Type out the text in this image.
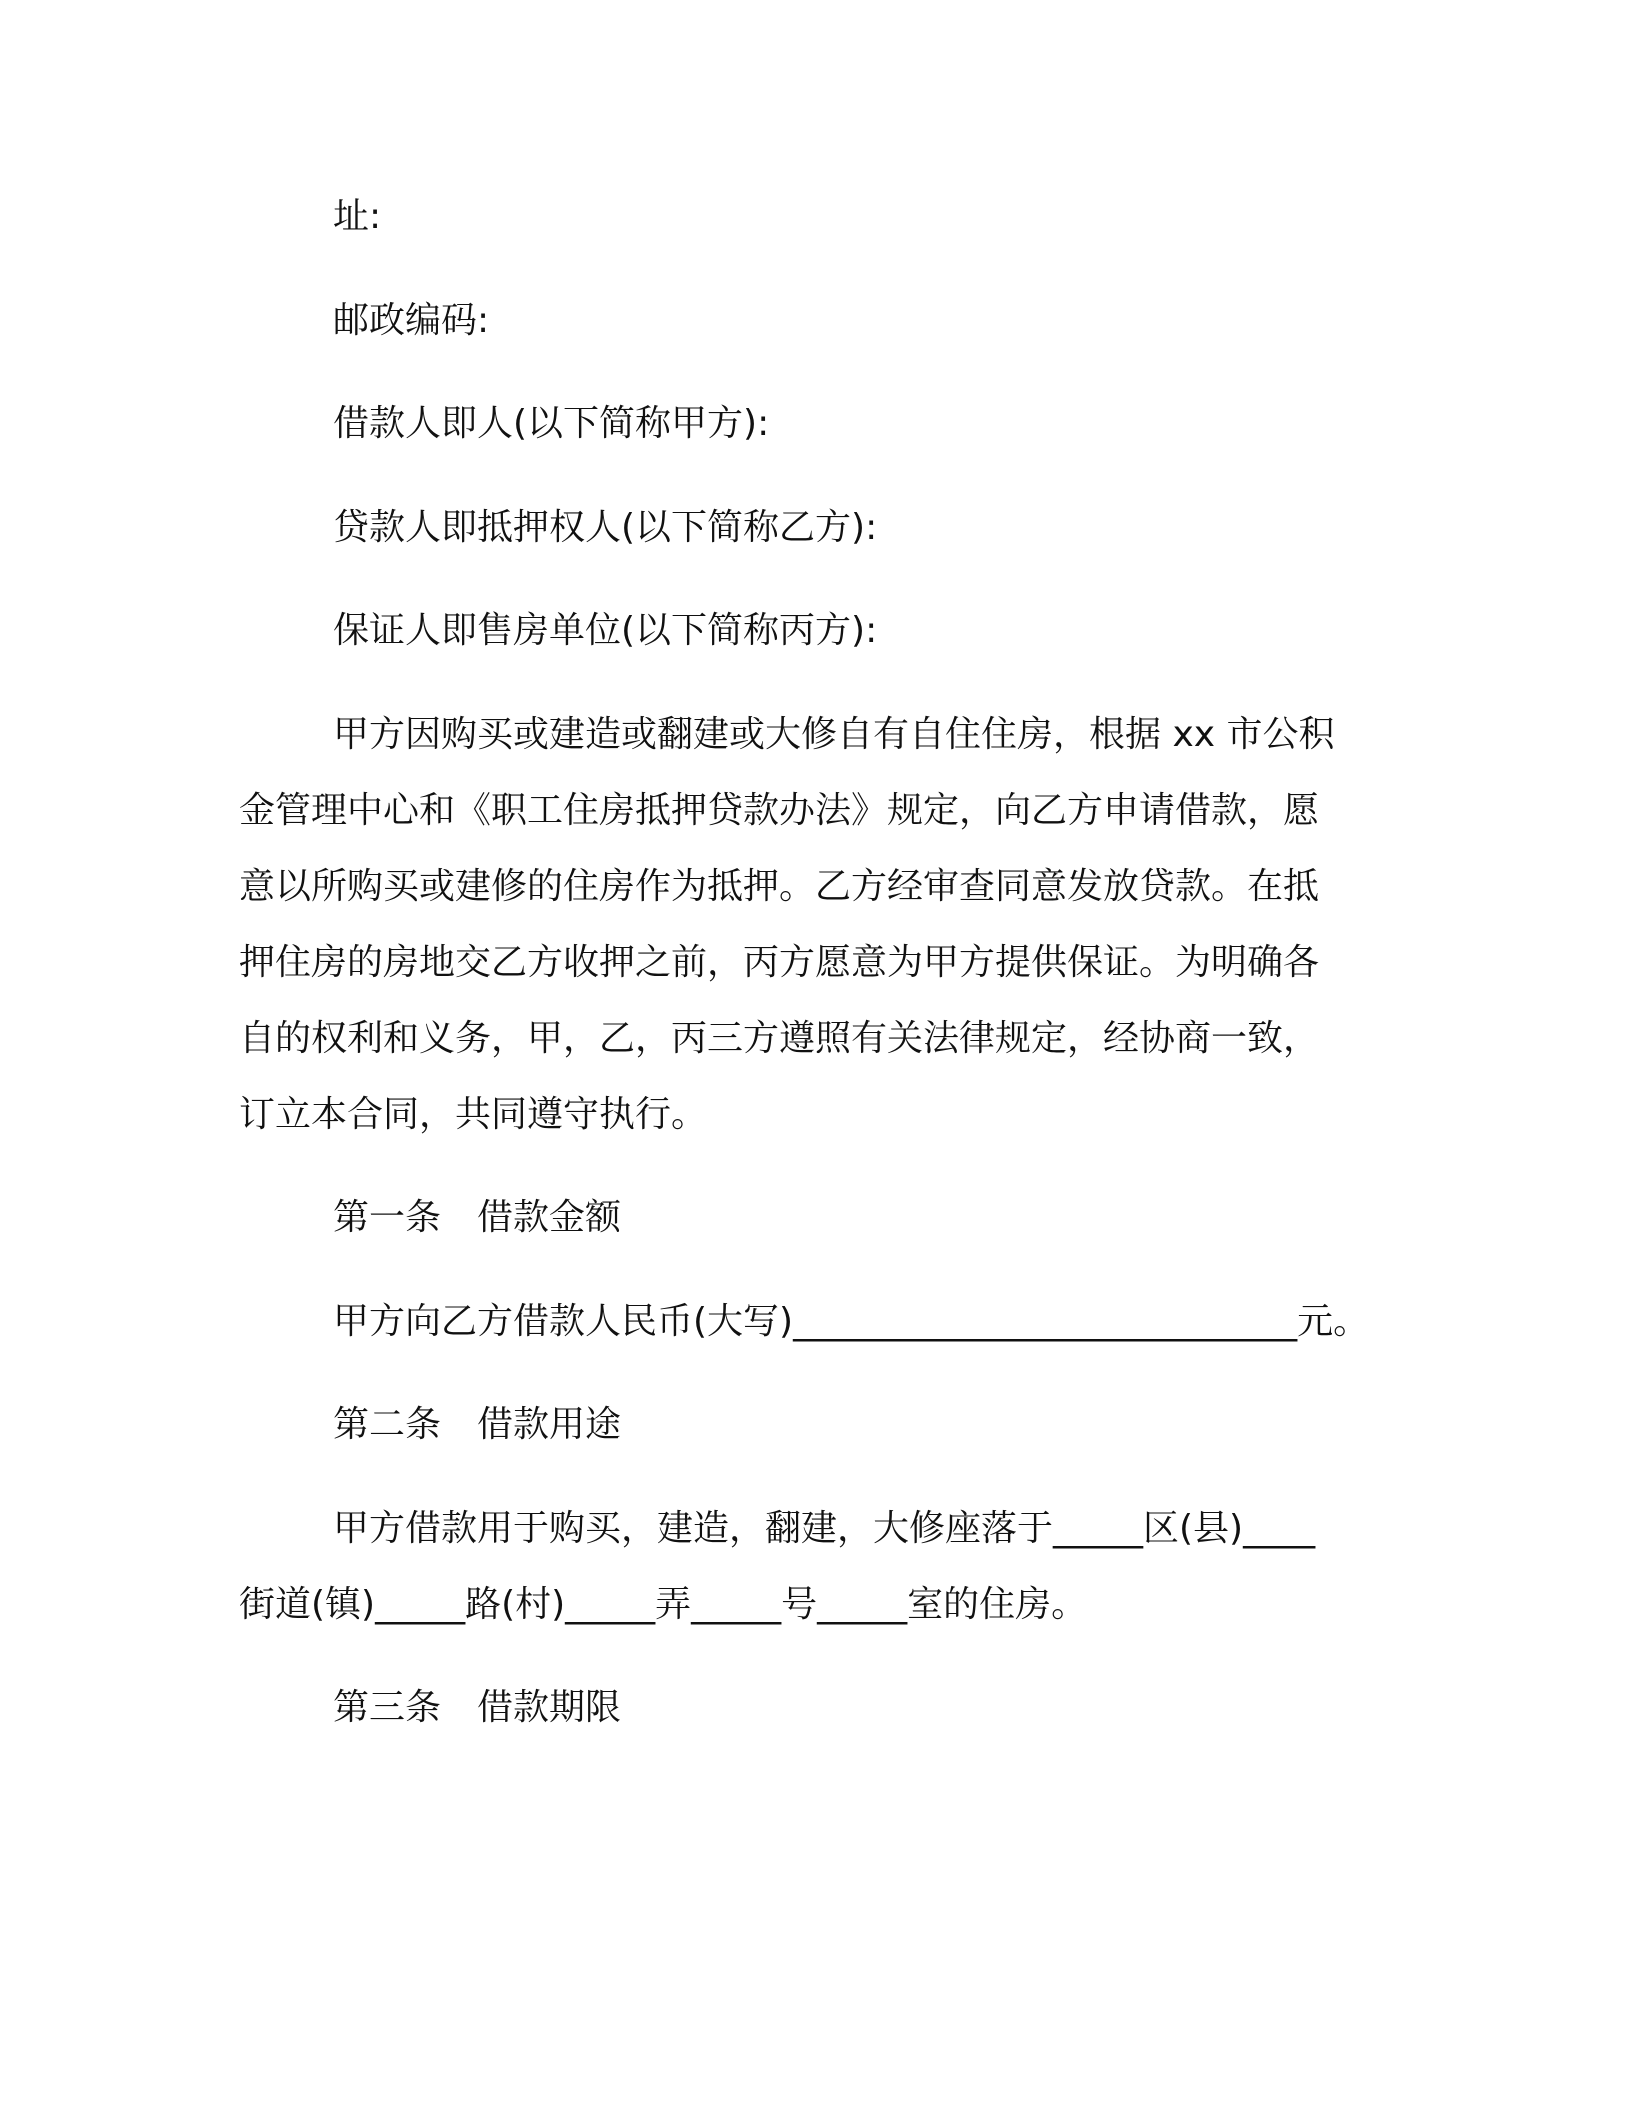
址:
邮政编码:
借款人即人(以下简称甲方):
贷款人即抵押权人(以下简称乙方):
保证人即售房单位(以下简称丙方):
甲方因购买或建造或翻建或大修自有自住住房，根据 xx 市公积
金管理中心和《职工住房抵押贷款办法》规定，向乙方申请借款，愿
意以所购买或建修的住房作为抵押。乙方经审查同意发放贷款。在抵
押住房的房地交乙方收押之前，丙方愿意为甲方提供保证。为明确各
自的权利和义务，甲，乙，丙三方遵照有关法律规定，经协商一致，
订立本合同，共同遵守执行。
第一条　借款金额
甲方向乙方借款人民币(大写)____________________________元。
第二条　借款用途
甲方借款用于购买，建造，翻建，大修座落于_____区(县)____
街道(镇)_____路(村)_____弄_____号_____室的住房。
第三条　借款期限
